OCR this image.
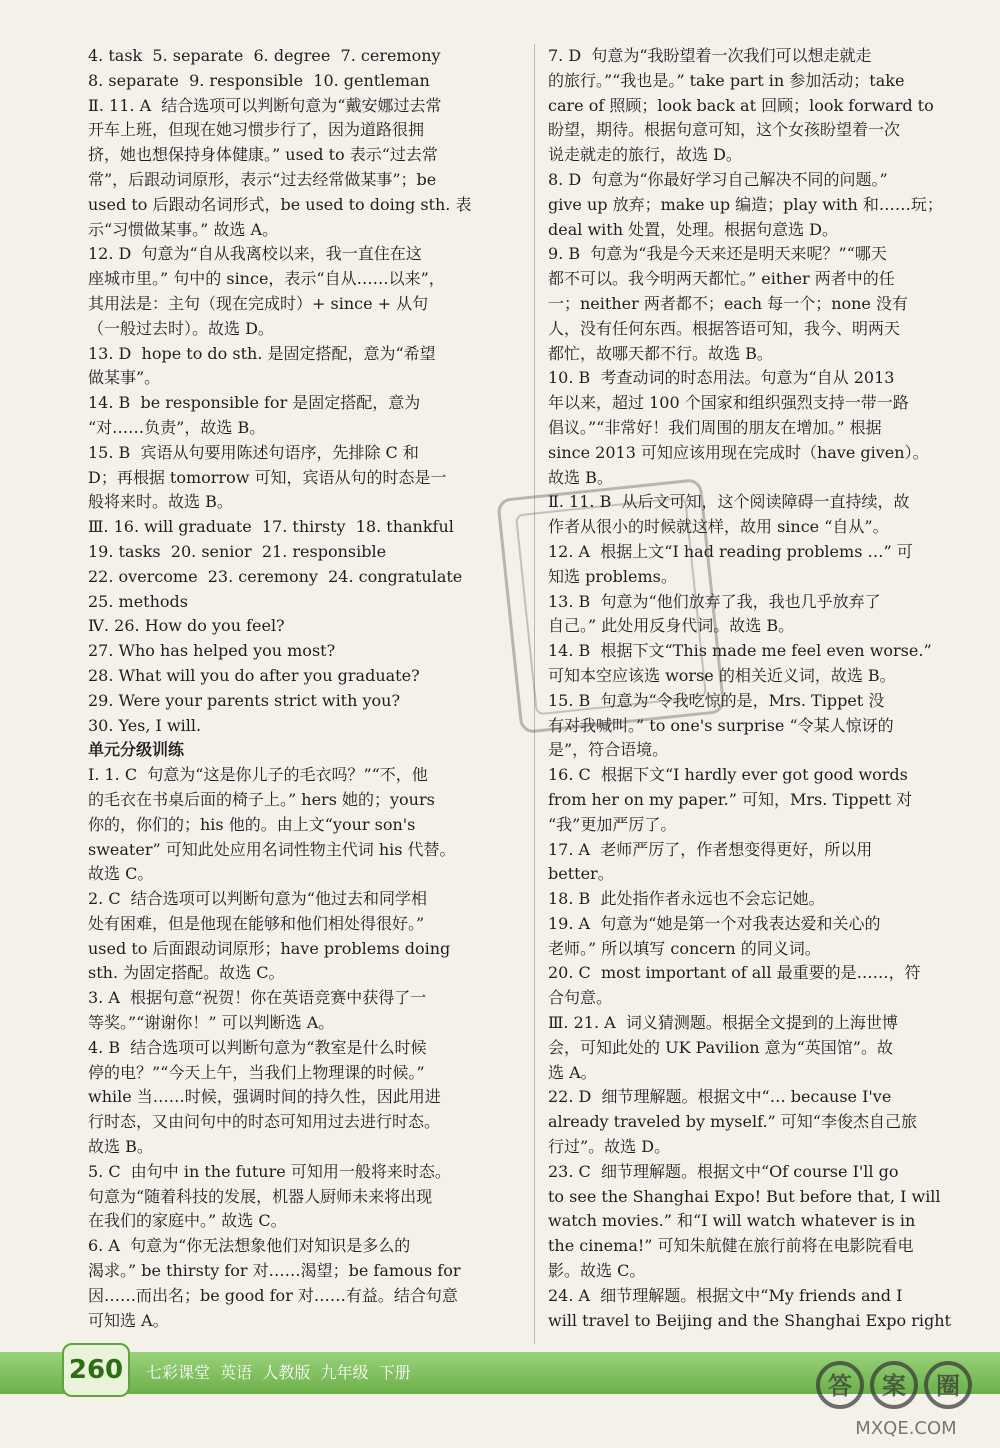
4. task  5. separate  6. degree  7. ceremony
8. separate  9. responsible  10. gentleman
Ⅱ. 11. A  结合选项可以判断句意为“戴安娜过去常
开车上班，但现在她习惯步行了，因为道路很拥
挤，她也想保持身体健康。” used to 表示“过去常
常”，后跟动词原形，表示“过去经常做某事”；be
used to 后跟动名词形式，be used to doing sth. 表
示“习惯做某事。” 故选 A。
12. D  句意为“自从我离校以来，我一直住在这
座城市里。” 句中的 since，表示“自从……以来”，
其用法是：主句（现在完成时）+ since + 从句
（一般过去时）。故选 D。
13. D  hope to do sth. 是固定搭配，意为“希望
做某事”。
14. B  be responsible for 是固定搭配，意为
“对……负责”，故选 B。
15. B  宾语从句要用陈述句语序，先排除 C 和
D；再根据 tomorrow 可知，宾语从句的时态是一
般将来时。故选 B。
Ⅲ. 16. will graduate  17. thirsty  18. thankful
19. tasks  20. senior  21. responsible
22. overcome  23. ceremony  24. congratulate
25. methods
Ⅳ. 26. How do you feel?
27. Who has helped you most?
28. What will you do after you graduate?
29. Were your parents strict with you?
30. Yes, I will.
单元分级训练
Ⅰ. 1. C  句意为“这是你儿子的毛衣吗？”“不，他
的毛衣在书桌后面的椅子上。” hers 她的；yours
你的，你们的；his 他的。由上文“your son's
sweater” 可知此处应用名词性物主代词 his 代替。
故选 C。
2. C  结合选项可以判断句意为“他过去和同学相
处有困难，但是他现在能够和他们相处得很好。”
used to 后面跟动词原形；have problems doing
sth. 为固定搭配。故选 C。
3. A  根据句意“祝贺！你在英语竞赛中获得了一
等奖。”“谢谢你！” 可以判断选 A。
4. B  结合选项可以判断句意为“教室是什么时候
停的电？”“今天上午，当我们上物理课的时候。”
while 当……时候，强调时间的持久性，因此用进
行时态，又由问句中的时态可知用过去进行时态。
故选 B。
5. C  由句中 in the future 可知用一般将来时态。
句意为“随着科技的发展，机器人厨师未来将出现
在我们的家庭中。” 故选 C。
6. A  句意为“你无法想象他们对知识是多么的
渴求。” be thirsty for 对……渴望；be famous for
因……而出名；be good for 对……有益。结合句意
可知选 A。
7. D  句意为“我盼望着一次我们可以想走就走
的旅行。”“我也是。” take part in 参加活动；take
care of 照顾；look back at 回顾；look forward to
盼望，期待。根据句意可知，这个女孩盼望着一次
说走就走的旅行，故选 D。
8. D  句意为“你最好学习自己解决不同的问题。”
give up 放弃；make up 编造；play with 和……玩；
deal with 处置，处理。根据句意选 D。
9. B  句意为“我是今天来还是明天来呢？”“哪天
都不可以。我今明两天都忙。” either 两者中的任
一；neither 两者都不；each 每一个；none 没有
人，没有任何东西。根据答语可知，我今、明两天
都忙，故哪天都不行。故选 B。
10. B  考查动词的时态用法。句意为“自从 2013
年以来，超过 100 个国家和组织强烈支持一带一路
倡议。”“非常好！我们周围的朋友在增加。” 根据
since 2013 可知应该用现在完成时（have given）。
故选 B。
Ⅱ. 11. B  从后文可知，这个阅读障碍一直持续，故
作者从很小的时候就这样，故用 since “自从”。
12. A  根据上文“I had reading problems …” 可
知选 problems。
13. B  句意为“他们放弃了我，我也几乎放弃了
自己。” 此处用反身代词。故选 B。
14. B  根据下文“This made me feel even worse.”
可知本空应该选 worse 的相关近义词，故选 B。
15. B  句意为“令我吃惊的是，Mrs. Tippet 没
有对我喊叫。” to one's surprise “令某人惊讶的
是”，符合语境。
16. C  根据下文“I hardly ever got good words
from her on my paper.” 可知，Mrs. Tippett 对
“我”更加严厉了。
17. A  老师严厉了，作者想变得更好，所以用
better。
18. B  此处指作者永远也不会忘记她。
19. A  句意为“她是第一个对我表达爱和关心的
老师。” 所以填写 concern 的同义词。
20. C  most important of all 最重要的是……，符
合句意。
Ⅲ. 21. A  词义猜测题。根据全文提到的上海世博
会，可知此处的 UK Pavilion 意为“英国馆”。故
选 A。
22. D  细节理解题。根据文中“… because I've
already traveled by myself.” 可知“李俊杰自己旅
行过”。故选 D。
23. C  细节理解题。根据文中“Of course I'll go
to see the Shanghai Expo! But before that, I will
watch movies.” 和“I will watch whatever is in
the cinema!” 可知朱航健在旅行前将在电影院看电
影。故选 C。
24. A  细节理解题。根据文中“My friends and I
will travel to Beijing and the Shanghai Expo right
260	七彩课堂  英语  人教版  九年级  下册	答 案 圈
MXQE.COM
